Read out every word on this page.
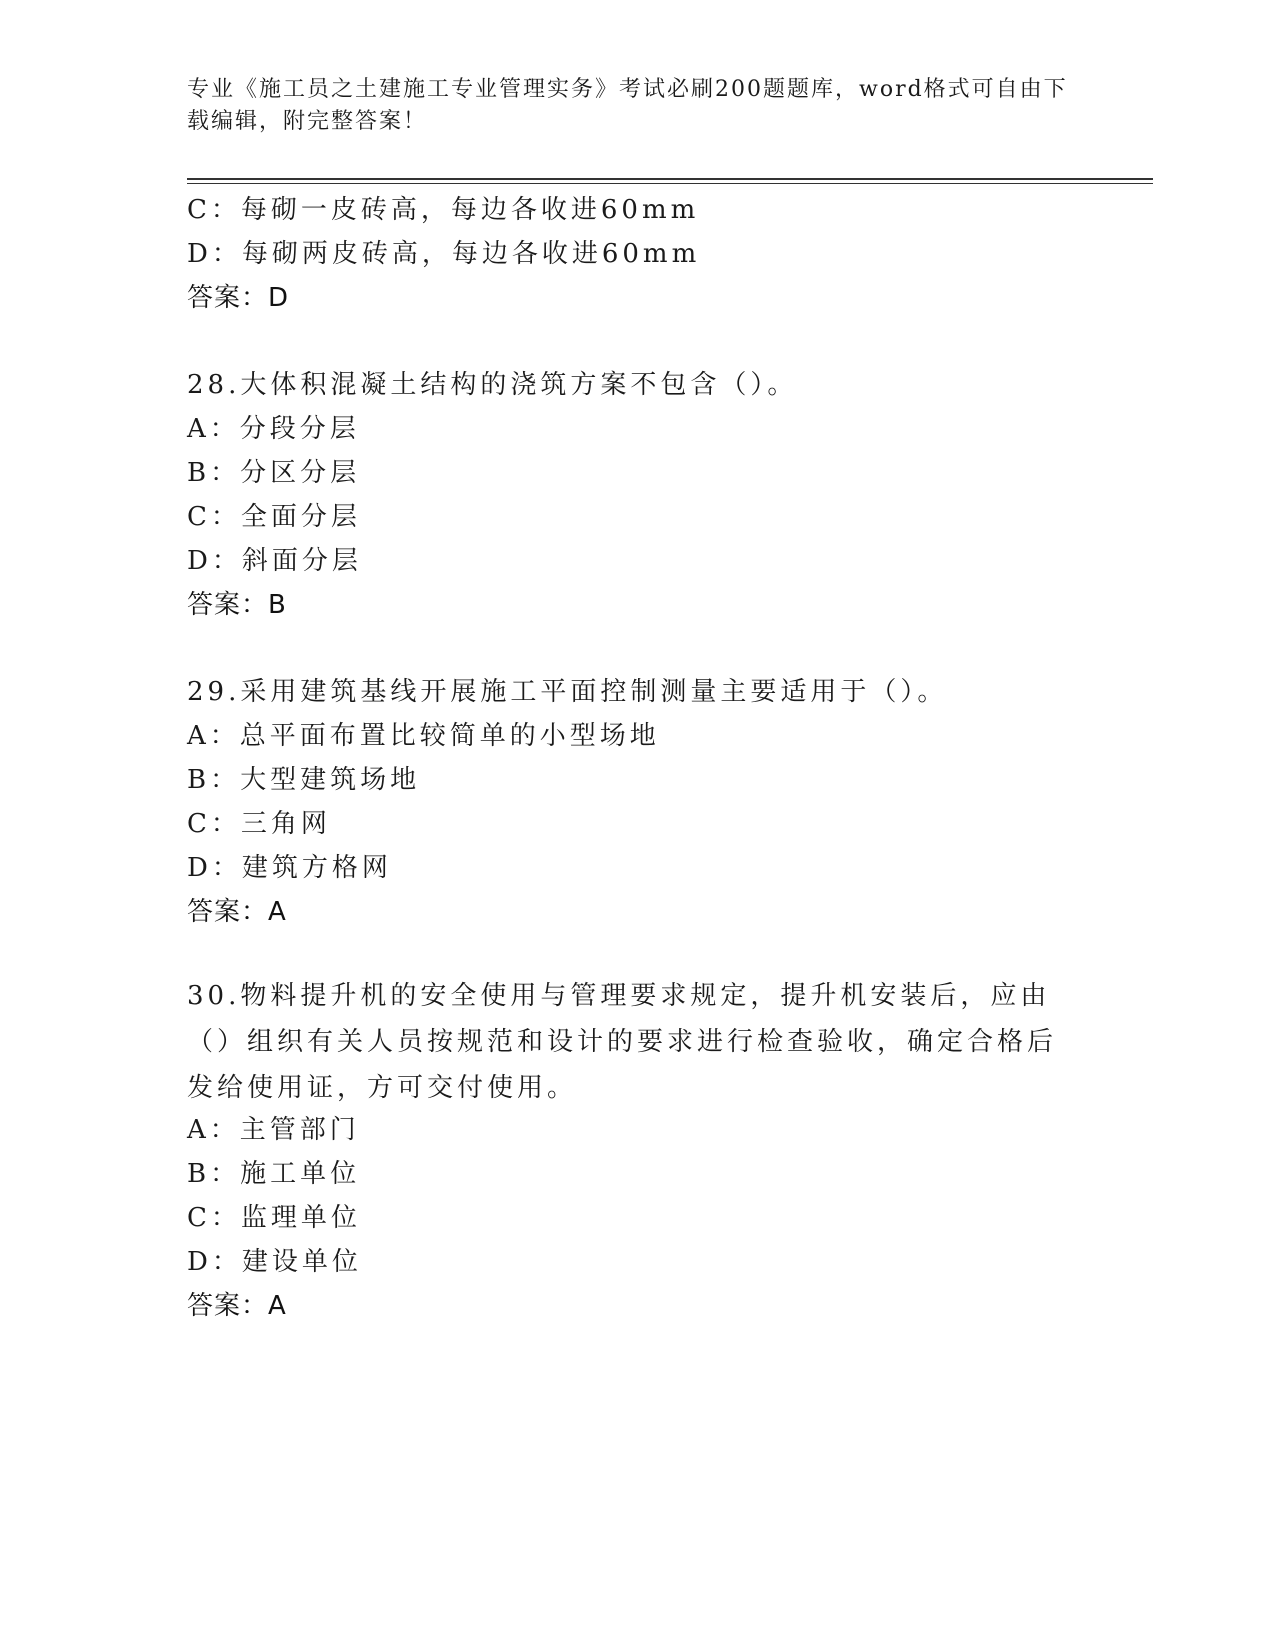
专业《施工员之土建施工专业管理实务》考试必刷200题题库，word格式可自由下载编辑，附完整答案！
C：每砌一皮砖高，每边各收进60mm
D：每砌两皮砖高，每边各收进60mm
答案：D
28.大体积混凝土结构的浇筑方案不包含（）。
A：分段分层
B：分区分层
C：全面分层
D：斜面分层
答案：B
29.采用建筑基线开展施工平面控制测量主要适用于（）。
A：总平面布置比较简单的小型场地
B：大型建筑场地
C：三角网
D：建筑方格网
答案：A
30.物料提升机的安全使用与管理要求规定，提升机安装后，应由（）组织有关人员按规范和设计的要求进行检查验收，确定合格后发给使用证，方可交付使用。
A：主管部门
B：施工单位
C：监理单位
D：建设单位
答案：A
